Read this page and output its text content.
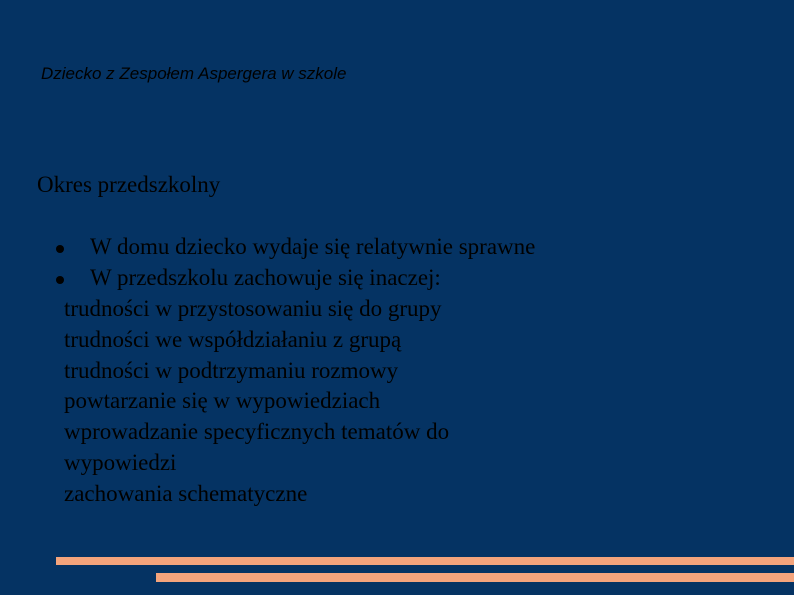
Dziecko z Zespołem Aspergera w szkole
Okres przedszkolny
W domu dziecko wydaje się relatywnie sprawne
W przedszkolu zachowuje się inaczej:
trudności w przystosowaniu się do grupy
trudności we współdziałaniu z grupą
trudności w podtrzymaniu rozmowy
powtarzanie się w wypowiedziach
wprowadzanie specyficznych tematów do
wypowiedzi
zachowania schematyczne
